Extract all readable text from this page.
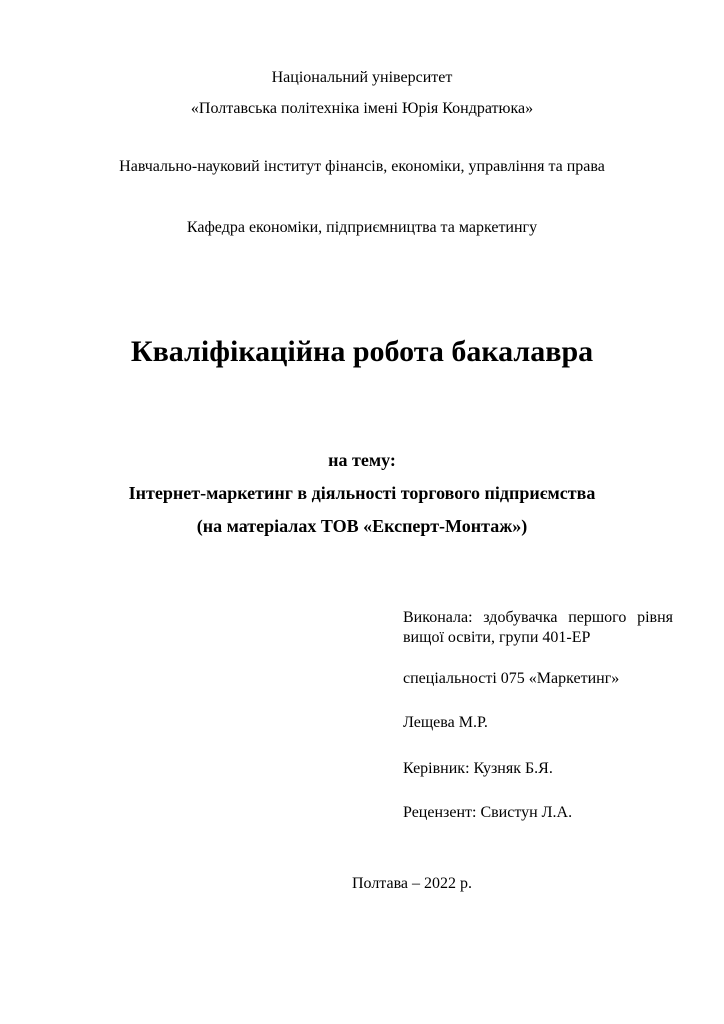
Національний університет
«Полтавська політехніка імені Юрія Кондратюка»
Навчально-науковий інститут фінансів, економіки, управління та права
Кафедра економіки, підприємництва та маркетингу
Кваліфікаційна робота бакалавра
на тему:
Інтернет-маркетинг в діяльності торгового підприємства
(на матеріалах ТОВ «Експерт-Монтаж»)
Виконала: здобувачка першого рівня вищої освіти, групи 401-ЕР
спеціальності 075 «Маркетинг»
Лещева М.Р.
Керівник: Кузняк Б.Я.
Рецензент: Свистун Л.А.
Полтава – 2022 р.
